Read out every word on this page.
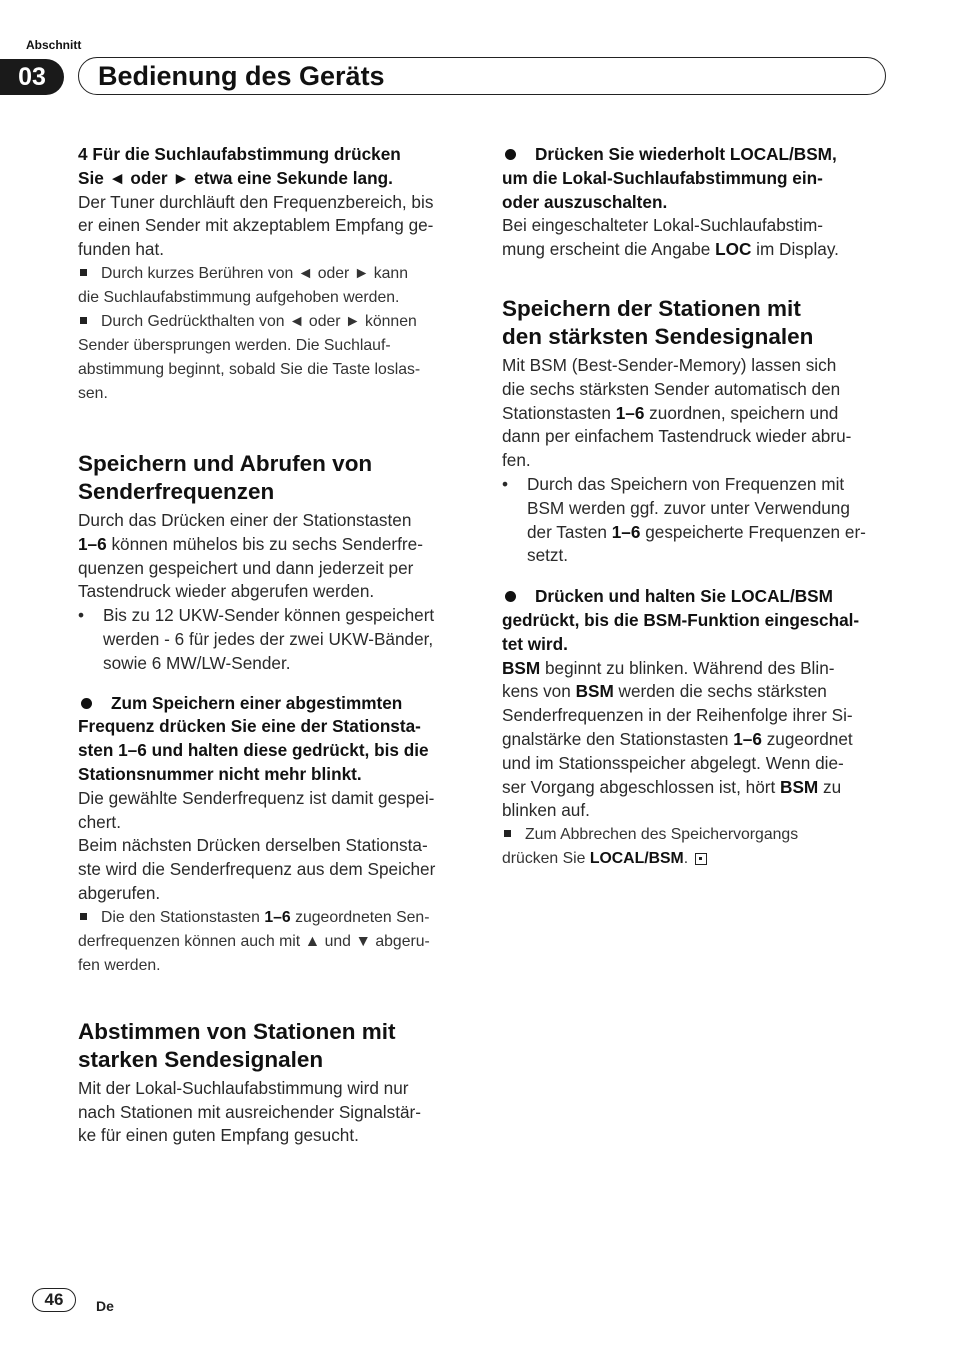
Abschnitt
03	Bedienung des Geräts

4 Für die Suchlaufabstimmung drücken
Sie ◄ oder ► etwa eine Sekunde lang.

Der Tuner durchläuft den Frequenzbereich, bis
er einen Sender mit akzeptablem Empfang ge-
funden hat.

Durch kurzes Berühren von ◄ oder ► kann
die Suchlaufabstimmung aufgehoben werden.

Durch Gedrückthalten von ◄ oder ► können
Sender übersprungen werden. Die Suchlauf-
abstimmung beginnt, sobald Sie die Taste loslas-
sen.

Speichern und Abrufen von
Senderfrequenzen

Durch das Drücken einer der Stationstasten
1–6 können mühelos bis zu sechs Senderfre-
quenzen gespeichert und dann jederzeit per
Tastendruck wieder abgerufen werden.

• Bis zu 12 UKW-Sender können gespeichert
werden - 6 für jedes der zwei UKW-Bänder,
sowie 6 MW/LW-Sender.

Zum Speichern einer abgestimmten
Frequenz drücken Sie eine der Stationsta-
sten 1–6 und halten diese gedrückt, bis die
Stationsnummer nicht mehr blinkt.

Die gewählte Senderfrequenz ist damit gespei-
chert.
Beim nächsten Drücken derselben Stationsta-
ste wird die Senderfrequenz aus dem Speicher
abgerufen.

Die den Stationstasten 1–6 zugeordneten Sen-
derfrequenzen können auch mit ▲ und ▼ abgeru-
fen werden.

Abstimmen von Stationen mit
starken Sendesignalen

Mit der Lokal-Suchlaufabstimmung wird nur
nach Stationen mit ausreichender Signalstär-
ke für einen guten Empfang gesucht.

Drücken Sie wiederholt LOCAL/BSM,
um die Lokal-Suchlaufabstimmung ein-
oder auszuschalten.

Bei eingeschalteter Lokal-Suchlaufabstim-
mung erscheint die Angabe LOC im Display.

Speichern der Stationen mit
den stärksten Sendesignalen

Mit BSM (Best-Sender-Memory) lassen sich
die sechs stärksten Sender automatisch den
Stationstasten 1–6 zuordnen, speichern und
dann per einfachem Tastendruck wieder abru-
fen.

• Durch das Speichern von Frequenzen mit
BSM werden ggf. zuvor unter Verwendung
der Tasten 1–6 gespeicherte Frequenzen er-
setzt.

Drücken und halten Sie LOCAL/BSM
gedrückt, bis die BSM-Funktion eingeschal-
tet wird.

BSM beginnt zu blinken. Während des Blin-
kens von BSM werden die sechs stärksten
Senderfrequenzen in der Reihenfolge ihrer Si-
gnalstärke den Stationstasten 1–6 zugeordnet
und im Stationsspeicher abgelegt. Wenn die-
ser Vorgang abgeschlossen ist, hört BSM zu
blinken auf.

Zum Abbrechen des Speichervorgangs
drücken Sie LOCAL/BSM.

46	De
